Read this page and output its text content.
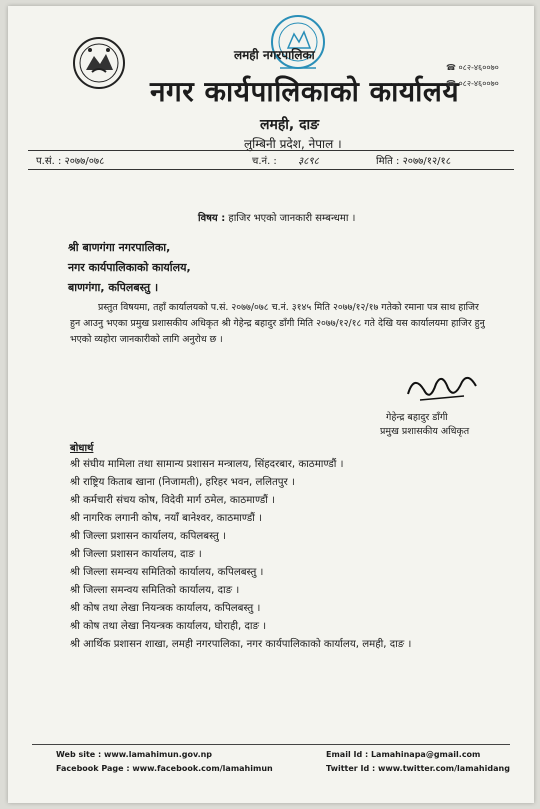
लमही नगरपालिका
नगर कार्यपालिकाको कार्यालय
लमही, दाङ
लुम्बिनी प्रदेश, नेपाल ।
☎ ०८२-४६००७०
☎ ०८२-४६००७०
प.सं. : २०७७/०७८	च.नं. : ३८९८	मिति : २०७७/१२/१८
विषय : हाजिर भएको जानकारी सम्बन्धमा ।
श्री बाणगंगा नगरपालिका,
नगर कार्यपालिकाको कार्यालय,
बाणगंगा, कपिलबस्तु ।

प्रस्तुत विषयमा, तहाँ कार्यालयको प.सं. २०७७/०७८ च.नं. ३१४५ मिति २०७७/१२/१७ गतेको रमाना पत्र साथ हाजिर हुन आउनु भएका प्रमुख प्रशासकीय अधिकृत श्री गेहेन्द्र बहादुर डाँगी मिति २०७७/१२/१८ गते देखि यस कार्यालयमा हाजिर हुनु भएको व्यहोरा जानकारीको लागि अनुरोध छ ।

गेहेन्द्र बहादुर डाँगी
प्रमुख प्रशासकीय अधिकृत
बोधार्थ
श्री संघीय मामिला तथा सामान्य प्रशासन मन्त्रालय, सिंहदरबार, काठमाण्डौं ।
श्री राष्ट्रिय किताब खाना (निजामती), हरिहर भवन, ललितपुर ।
श्री कर्मचारी संचय कोष, विदेवी मार्ग ठमेल, काठमाण्डौं ।
श्री नागरिक लगानी कोष, नयाँ बानेश्वर, काठमाण्डौं ।
श्री जिल्ला प्रशासन कार्यालय, कपिलबस्तु ।
श्री जिल्ला प्रशासन कार्यालय, दाङ ।
श्री जिल्ला समन्वय समितिको कार्यालय, कपिलबस्तु ।
श्री जिल्ला समन्वय समितिको कार्यालय, दाङ ।
श्री कोष तथा लेखा नियन्त्रक कार्यालय, कपिलबस्तु ।
श्री कोष तथा लेखा नियन्त्रक कार्यालय, घोराही, दाङ ।
श्री आर्थिक प्रशासन शाखा, लमही नगरपालिका, नगर कार्यपालिकाको कार्यालय, लमही, दाङ ।
Web site : www.lamahimun.gov.np
Facebook Page : www.facebook.com/lamahimun
Email Id : Lamahinapa@gmail.com
Twitter Id : www.twitter.com/lamahidang
